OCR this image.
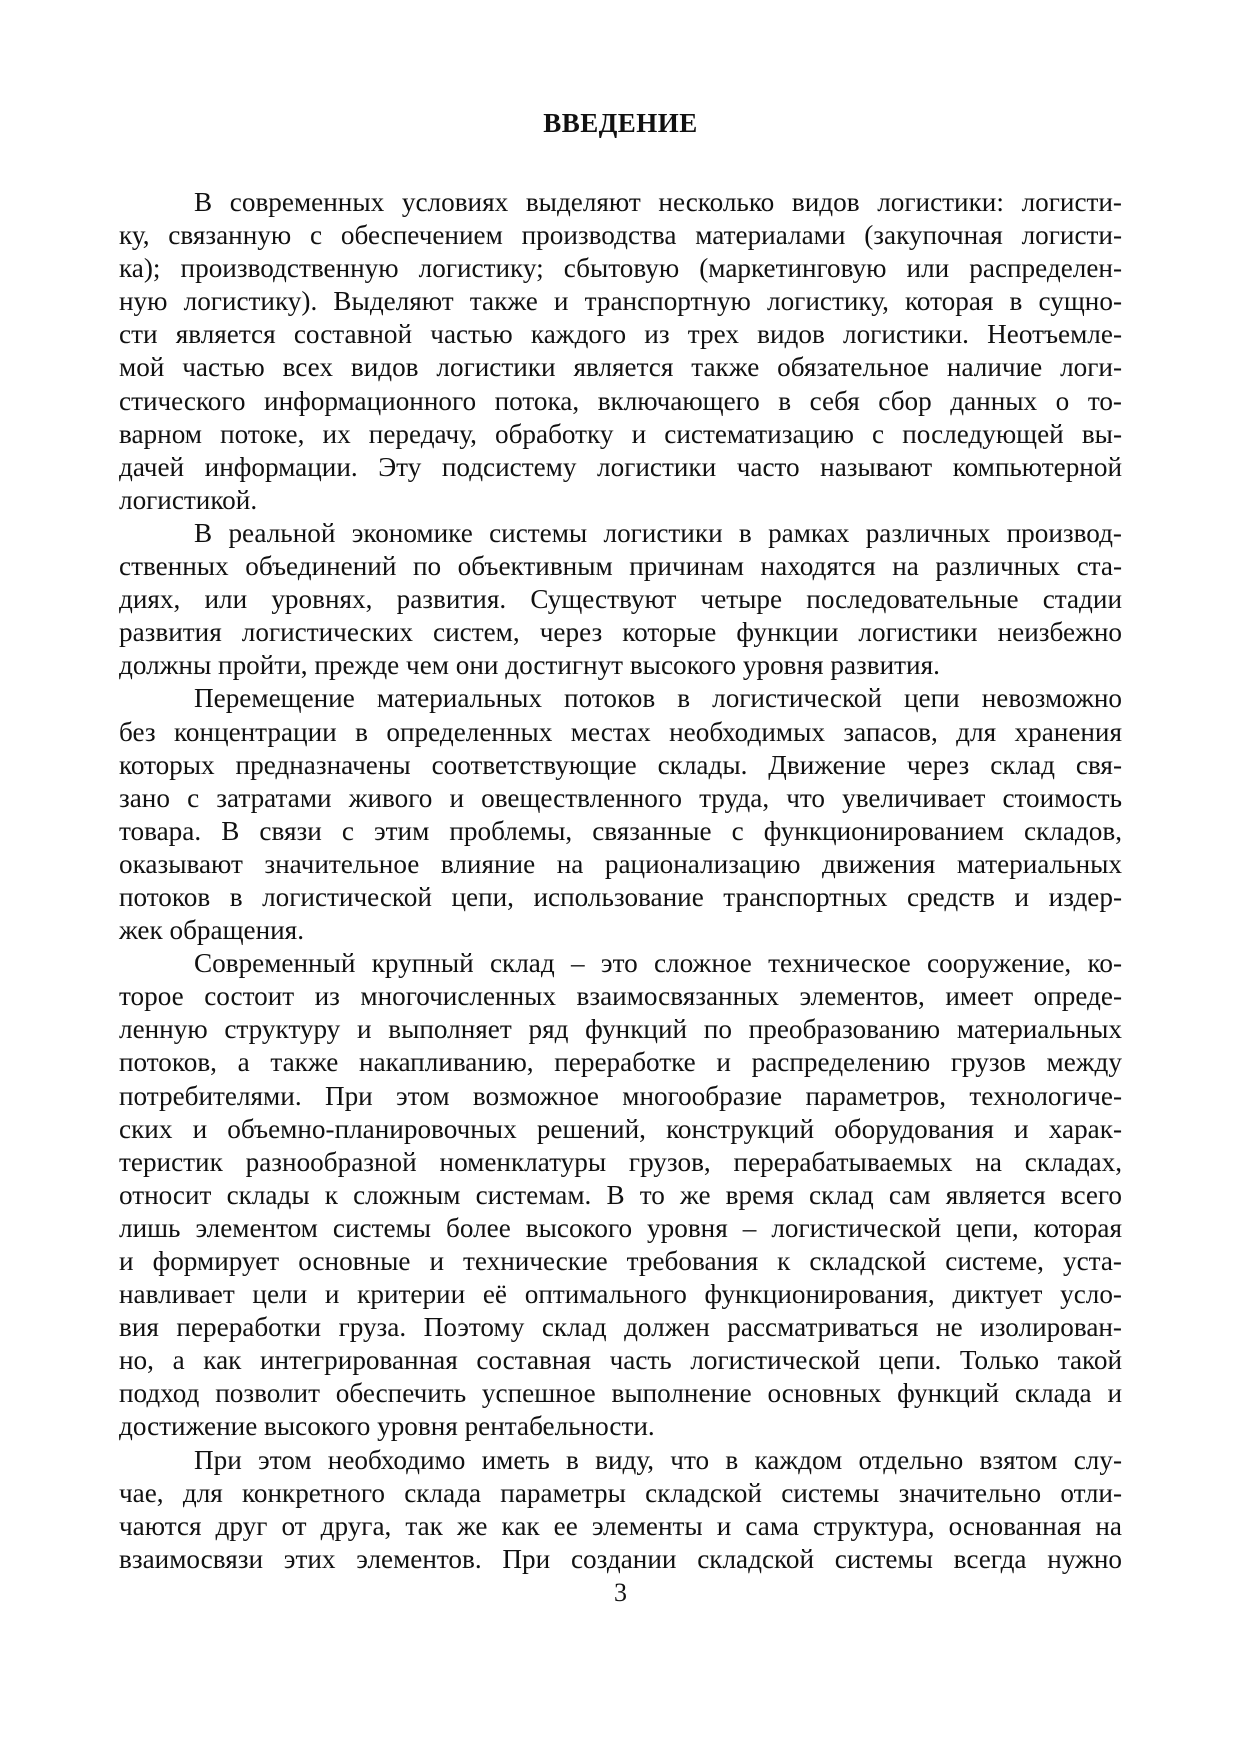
ВВЕДЕНИЕ
В современных условиях выделяют несколько видов логистики: логисти-
ку, связанную с обеспечением производства материалами (закупочная логисти-
ка); производственную логистику; сбытовую (маркетинговую или распределен-
ную логистику). Выделяют также и транспортную логистику, которая в сущно-
сти является составной частью каждого из трех видов логистики. Неотъемле-
мой частью всех видов логистики является также обязательное наличие логи-
стического информационного потока, включающего в себя сбор данных о то-
варном потоке, их передачу, обработку и систематизацию с последующей вы-
дачей информации. Эту подсистему логистики часто называют компьютерной
логистикой.
В реальной экономике системы логистики в рамках различных производ-
ственных объединений по объективным причинам находятся на различных ста-
диях, или уровнях, развития. Существуют четыре последовательные стадии
развития логистических систем, через которые функции логистики неизбежно
должны пройти, прежде чем они достигнут высокого уровня развития.
Перемещение материальных потоков в логистической цепи невозможно
без концентрации в определенных местах необходимых запасов, для хранения
которых предназначены соответствующие склады. Движение через склад свя-
зано с затратами живого и овеществленного труда, что увеличивает стоимость
товара. В связи с этим проблемы, связанные с функционированием складов,
оказывают значительное влияние на рационализацию движения материальных
потоков в логистической цепи, использование транспортных средств и издер-
жек обращения.
Современный крупный склад – это сложное техническое сооружение, ко-
торое состоит из многочисленных взаимосвязанных элементов, имеет опреде-
ленную структуру и выполняет ряд функций по преобразованию материальных
потоков, а также накапливанию, переработке и распределению грузов между
потребителями. При этом возможное многообразие параметров, технологиче-
ских и объемно-планировочных решений, конструкций оборудования и харак-
теристик разнообразной номенклатуры грузов, перерабатываемых на складах,
относит склады к сложным системам. В то же время склад сам является всего
лишь элементом системы более высокого уровня – логистической цепи, которая
и формирует основные и технические требования к складской системе, уста-
навливает цели и критерии её оптимального функционирования, диктует усло-
вия переработки груза. Поэтому склад должен рассматриваться не изолирован-
но, а как интегрированная составная часть логистической цепи. Только такой
подход позволит обеспечить успешное выполнение основных функций склада и
достижение высокого уровня рентабельности.
При этом необходимо иметь в виду, что в каждом отдельно взятом слу-
чае, для конкретного склада параметры складской системы значительно отли-
чаются друг от друга, так же как ее элементы и сама структура, основанная на
взаимосвязи этих элементов. При создании складской системы всегда нужно
3
